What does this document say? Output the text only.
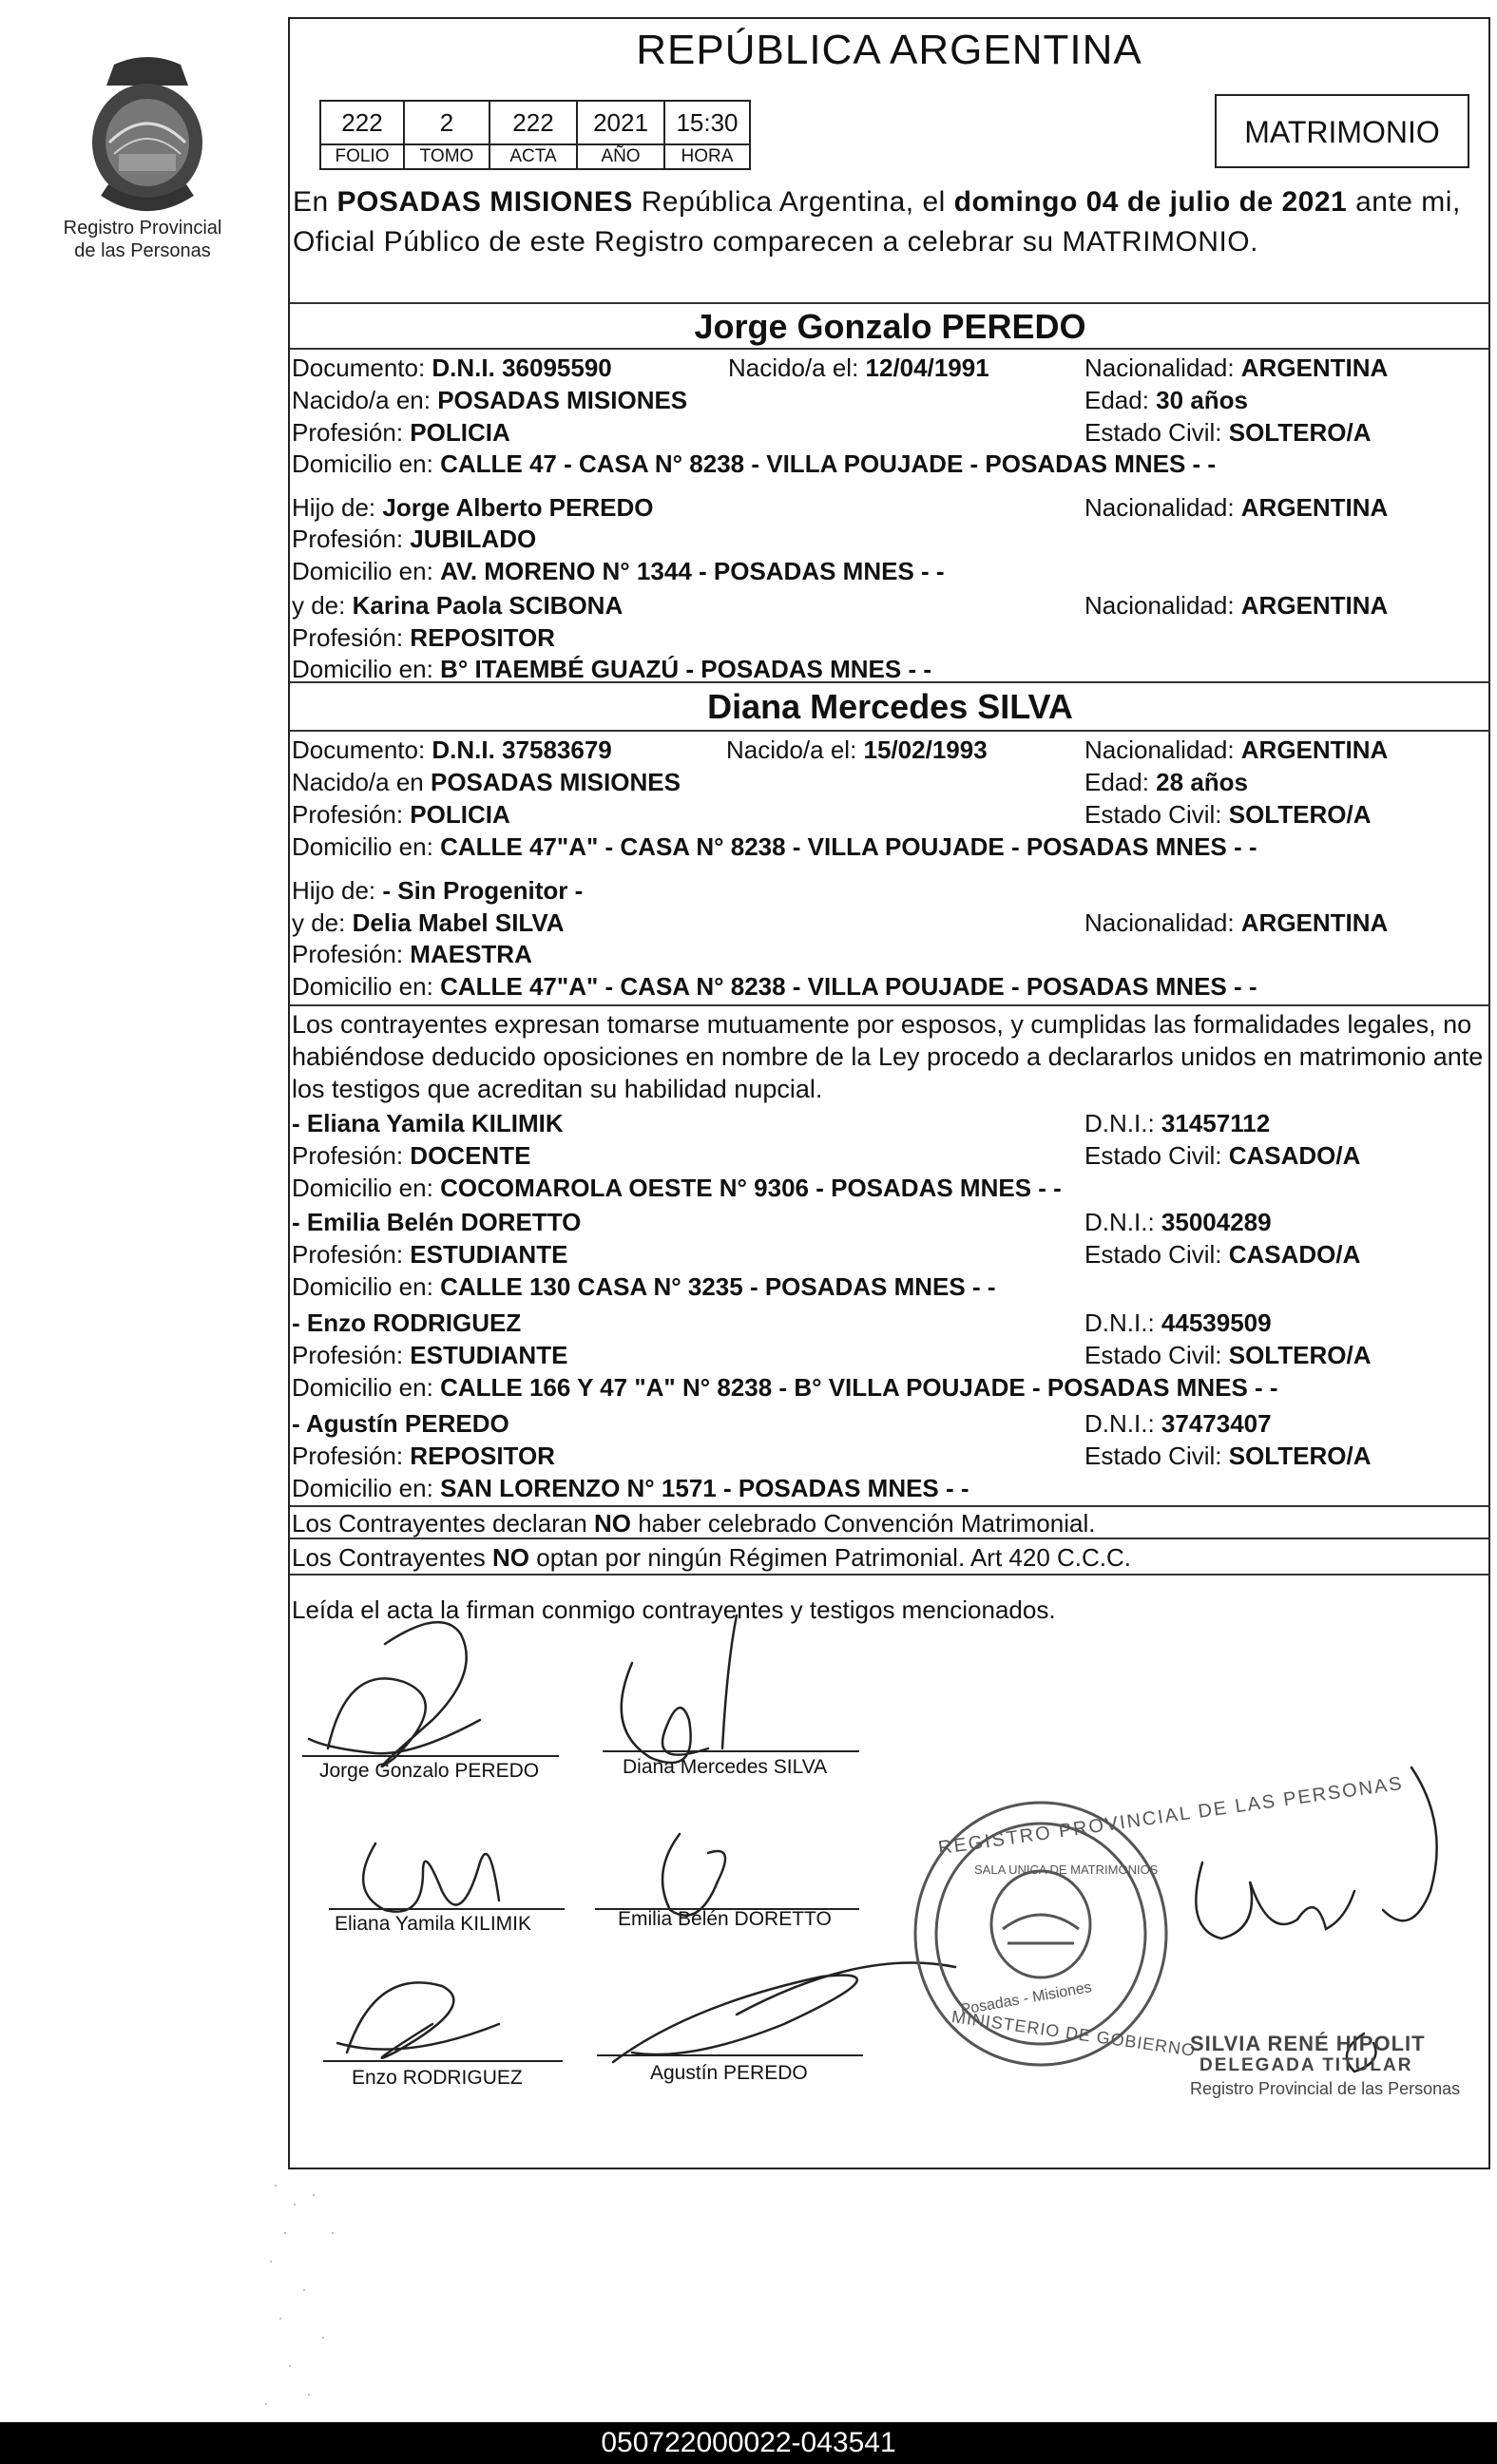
Registro Provincial
de las Personas
REPÚBLICA ARGENTINA
222	2	222	2021	15:30
FOLIO	TOMO	ACTA	AÑO	HORA
MATRIMONIO
En POSADAS MISIONES República Argentina, el domingo 04 de julio de 2021 ante mi,
Oficial Público de este Registro comparecen a celebrar su MATRIMONIO.
Jorge Gonzalo PEREDO
Documento: D.N.I. 36095590	Nacido/a el: 12/04/1991	Nacionalidad: ARGENTINA
Nacido/a en: POSADAS MISIONES	Edad: 30 años
Profesión: POLICIA	Estado Civil: SOLTERO/A
Domicilio en: CALLE 47 - CASA N° 8238 - VILLA POUJADE - POSADAS MNES - -
Hijo de: Jorge Alberto PEREDO	Nacionalidad: ARGENTINA
Profesión: JUBILADO
Domicilio en: AV. MORENO N° 1344 - POSADAS MNES - -
y de: Karina Paola SCIBONA	Nacionalidad: ARGENTINA
Profesión: REPOSITOR
Domicilio en: B° ITAEMBÉ GUAZÚ - POSADAS MNES - -
Diana Mercedes SILVA
Documento: D.N.I. 37583679	Nacido/a el: 15/02/1993	Nacionalidad: ARGENTINA
Nacido/a en POSADAS MISIONES	Edad: 28 años
Profesión: POLICIA	Estado Civil: SOLTERO/A
Domicilio en: CALLE 47"A" - CASA N° 8238 - VILLA POUJADE - POSADAS MNES - -
Hijo de: - Sin Progenitor -
y de: Delia Mabel SILVA	Nacionalidad: ARGENTINA
Profesión: MAESTRA
Domicilio en: CALLE 47"A" - CASA N° 8238 - VILLA POUJADE - POSADAS MNES - -
Los contrayentes expresan tomarse mutuamente por esposos, y cumplidas las formalidades legales, no
habiéndose deducido oposiciones en nombre de la Ley procedo a declararlos unidos en matrimonio ante
los testigos que acreditan su habilidad nupcial.
- Eliana Yamila KILIMIK	D.N.I.: 31457112
Profesión: DOCENTE	Estado Civil: CASADO/A
Domicilio en: COCOMAROLA OESTE N° 9306 - POSADAS MNES - -
- Emilia Belén DORETTO	D.N.I.: 35004289
Profesión: ESTUDIANTE	Estado Civil: CASADO/A
Domicilio en: CALLE 130 CASA N° 3235 - POSADAS MNES - -
- Enzo RODRIGUEZ	D.N.I.: 44539509
Profesión: ESTUDIANTE	Estado Civil: SOLTERO/A
Domicilio en: CALLE 166 Y 47 "A" N° 8238 - B° VILLA POUJADE - POSADAS MNES - -
- Agustín PEREDO	D.N.I.: 37473407
Profesión: REPOSITOR	Estado Civil: SOLTERO/A
Domicilio en: SAN LORENZO N° 1571 - POSADAS MNES - -
Los Contrayentes declaran NO haber celebrado Convención Matrimonial.
Los Contrayentes NO optan por ningún Régimen Patrimonial. Art 420 C.C.C.
Leída el acta la firman conmigo contrayentes y testigos mencionados.
Jorge Gonzalo PEREDO	Diana Mercedes SILVA
Eliana Yamila KILIMIK	Emilia Belén DORETTO
Enzo RODRIGUEZ	Agustín PEREDO
REGISTRO PROVINCIAL DE LAS PERSONAS
SALA UNICA DE MATRIMONIOS
Posadas - Misiones
MINISTERIO DE GOBIERNO
SILVIA RENÉ HIPOLIT
DELEGADA TITULAR
Registro Provincial de las Personas
050722000022-043541
